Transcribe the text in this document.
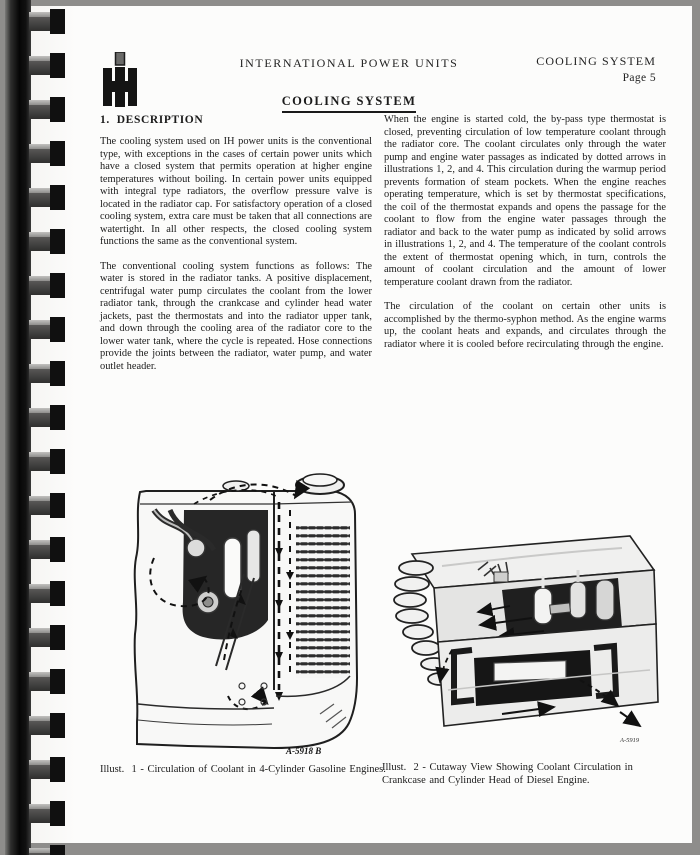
INTERNATIONAL POWER UNITS	COOLING SYSTEM
Page 5
COOLING SYSTEM

1.  DESCRIPTION

The cooling system used on IH power units is the conventional type, with exceptions in the cases of certain power units which have a closed system that permits operation at higher engine temperatures without boiling. In certain power units equipped with integral type radiators, the overflow pressure valve is located in the radiator cap. For satisfactory operation of a closed cooling system, extra care must be taken that all connections are watertight. In all other respects, the closed cooling system functions the same as the conventional system.

The conventional cooling system functions as follows: The water is stored in the radiator tanks. A positive displacement, centrifugal water pump circulates the coolant from the lower radiator tank, through the crankcase and cylinder head water jackets, past the thermostats and into the radiator upper tank, and down through the cooling area of the radiator core to the lower water tank, where the cycle is repeated. Hose connections provide the joints between the radiator, water pump, and water outlet header.

When the engine is started cold, the by-pass type thermostat is closed, preventing circulation of low temperature coolant through the radiator core. The coolant circulates only through the water pump and engine water passages as indicated by dotted arrows in illustrations 1, 2, and 4. This circulation during the warmup period prevents formation of steam pockets. When the engine reaches operating temperature, which is set by thermostat specifications, the coil of the thermostat expands and opens the passage for the coolant to flow from the engine water passages through the radiator and back to the water pump as indicated by solid arrows in illustrations 1, 2, and 4. The temperature of the coolant controls the extent of thermostat opening which, in turn, controls the amount of coolant circulation and the amount of lower temperature coolant drawn from the radiator.

The circulation of the coolant on certain other units is accomplished by the thermo-syphon method. As the engine warms up, the coolant heats and expands, and circulates through the radiator where it is cooled before recirculating through the engine.

A-5918 B
A-5919
Illust.  1 - Circulation of Coolant in 4-Cylinder Gasoline Engines.
Illust.  2 - Cutaway View Showing Coolant Circulation in Crankcase and Cylinder Head of Diesel Engine.
